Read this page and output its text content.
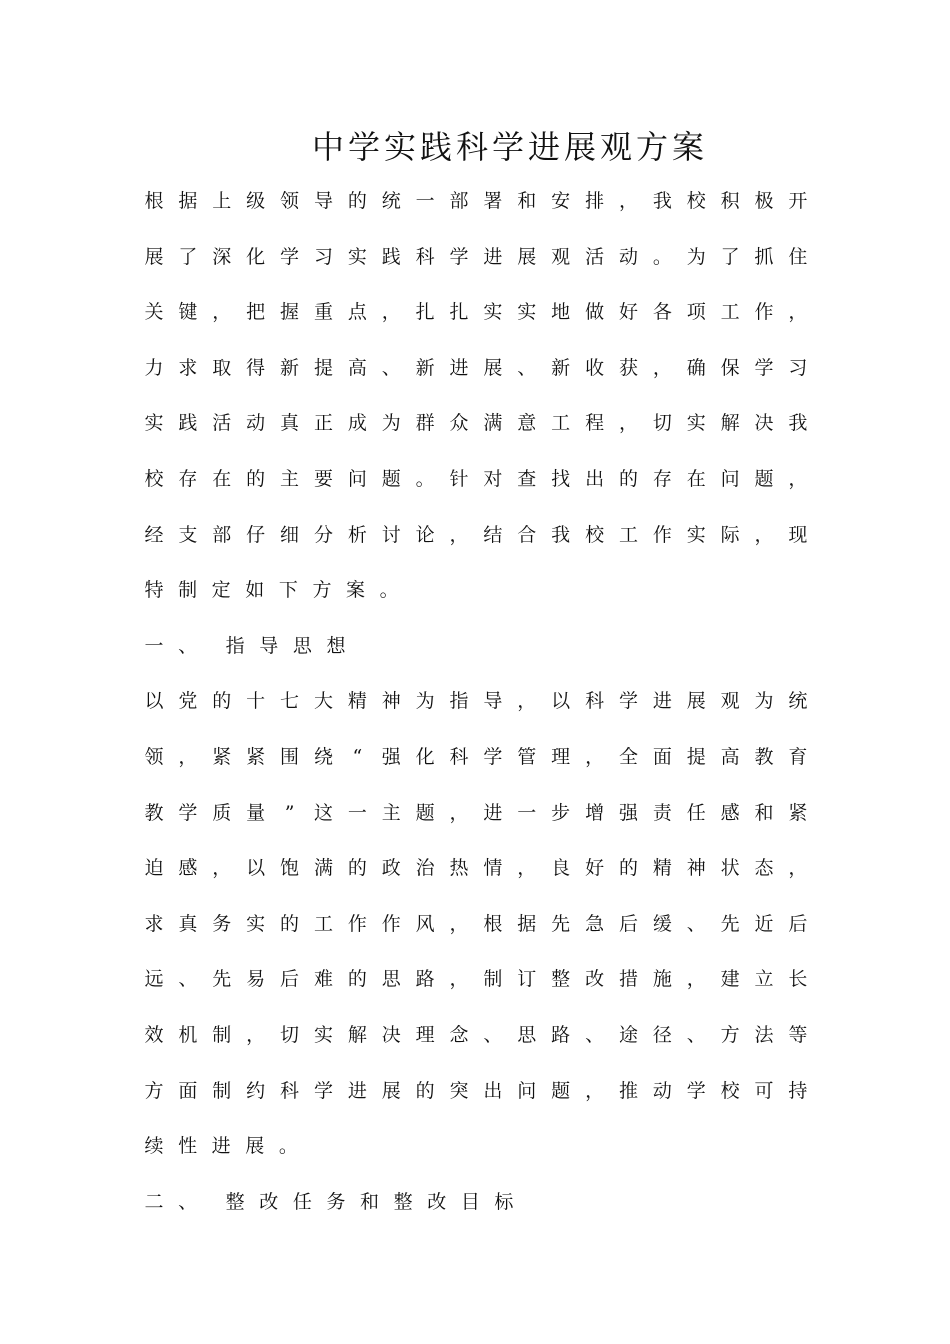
中学实践科学进展观方案
根 据 上 级 领 导 的 统 一 部 署 和 安 排 ， 我 校 积 极 开
展 了 深 化 学 习 实 践 科 学 进 展 观 活 动 。 为 了 抓 住
关 键 ， 把 握 重 点 ， 扎 扎 实 实 地 做 好 各 项 工 作 ，
力 求 取 得 新 提 高 、 新 进 展 、 新 收 获 ， 确 保 学 习
实 践 活 动 真 正 成 为 群 众 满 意 工 程 ， 切 实 解 决 我
校 存 在 的 主 要 问 题 。 针 对 查 找 出 的 存 在 问 题 ，
经 支 部 仔 细 分 析 讨 论 ， 结 合 我 校 工 作 实 际 ， 现
特 制 定 如 下 方 案 。
一 、 指 导 思 想
以 党 的 十 七 大 精 神 为 指 导 ， 以 科 学 进 展 观 为 统
领 ， 紧 紧 围 绕 “ 强 化 科 学 管 理 ， 全 面 提 高 教 育
教 学 质 量 ” 这 一 主 题 ， 进 一 步 增 强 责 任 感 和 紧
迫 感 ， 以 饱 满 的 政 治 热 情 ， 良 好 的 精 神 状 态 ，
求 真 务 实 的 工 作 作 风 ， 根 据 先 急 后 缓 、 先 近 后
远 、 先 易 后 难 的 思 路 ， 制 订 整 改 措 施 ， 建 立 长
效 机 制 ， 切 实 解 决 理 念 、 思 路 、 途 径 、 方 法 等
方 面 制 约 科 学 进 展 的 突 出 问 题 ， 推 动 学 校 可 持
续 性 进 展 。
二 、 整 改 任 务 和 整 改 目 标
